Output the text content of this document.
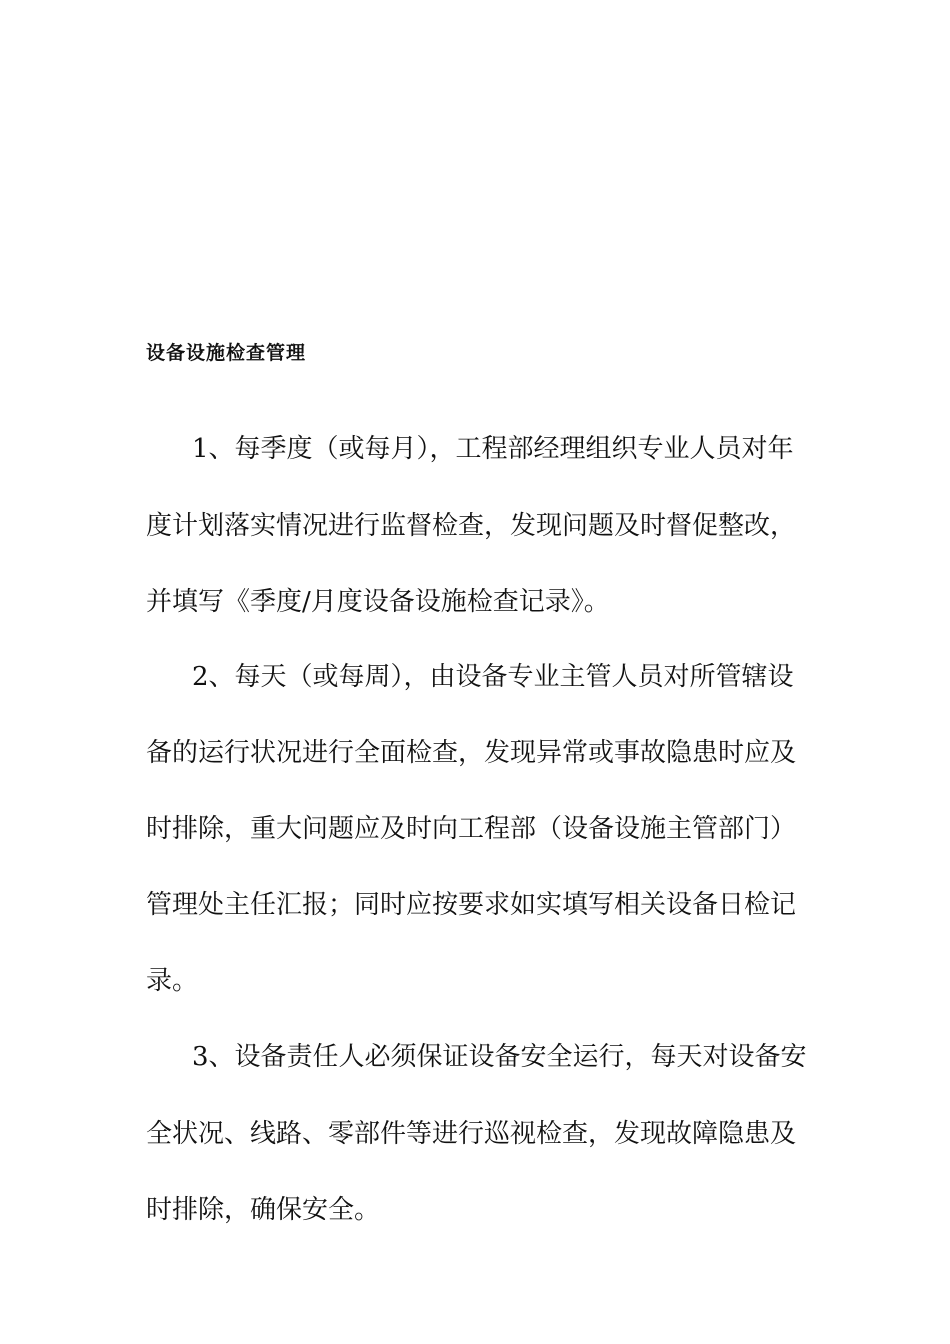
设备设施检查管理
1、每季度（或每月），工程部经理组织专业人员对年
度计划落实情况进行监督检查，发现问题及时督促整改，
并填写《季度/月度设备设施检查记录》。
2、每天（或每周），由设备专业主管人员对所管辖设
备的运行状况进行全面检查，发现异常或事故隐患时应及
时排除，重大问题应及时向工程部（设备设施主管部门）
管理处主任汇报；同时应按要求如实填写相关设备日检记
录。
3、设备责任人必须保证设备安全运行，每天对设备安
全状况、线路、零部件等进行巡视检查，发现故障隐患及
时排除，确保安全。
